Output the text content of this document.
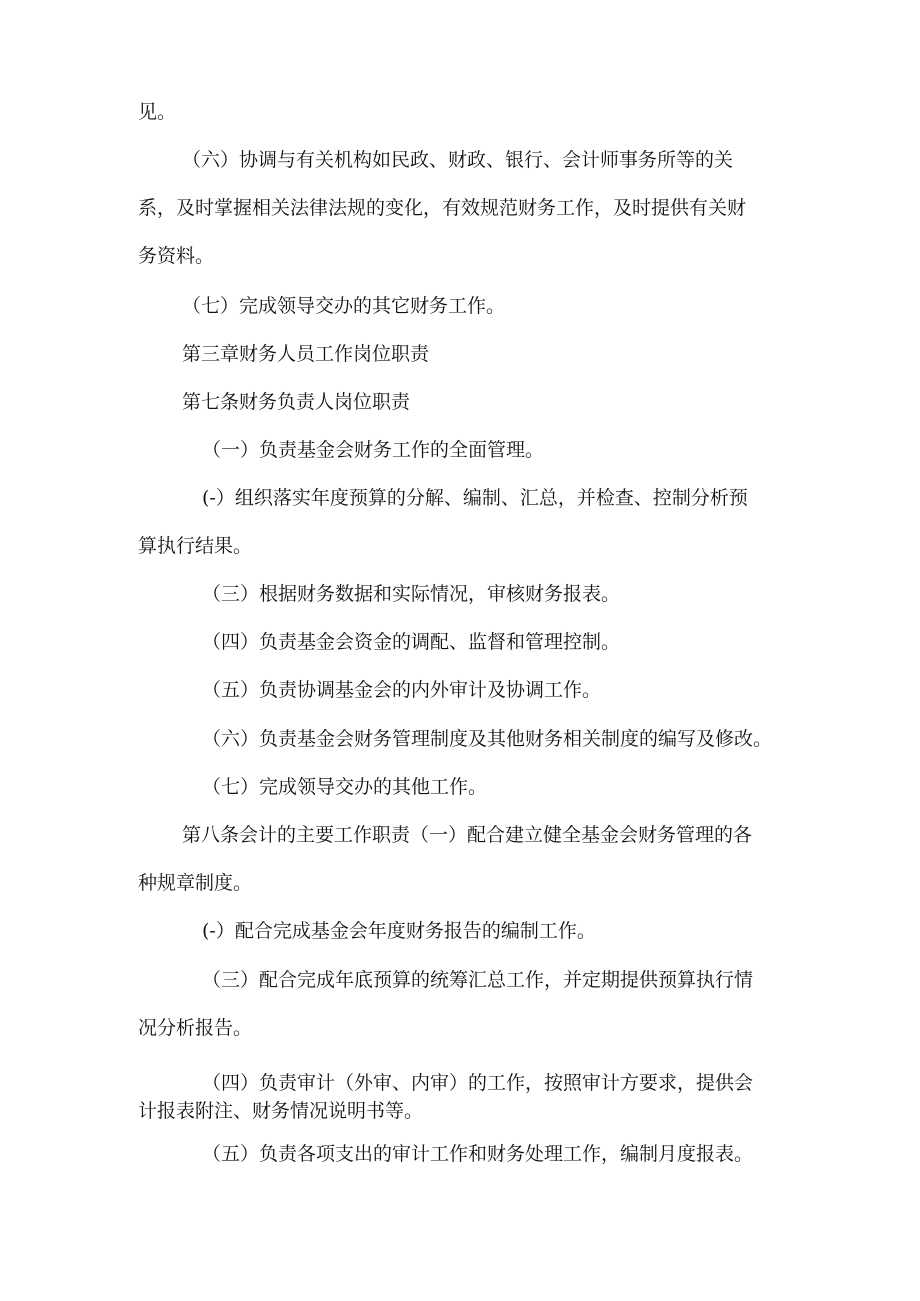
见。
（六）协调与有关机构如民政、财政、银行、会计师事务所等的关
系，及时掌握相关法律法规的变化，有效规范财务工作，及时提供有关财
务资料。
（七）完成领导交办的其它财务工作。
第三章财务人员工作岗位职责
第七条财务负责人岗位职责
（一）负责基金会财务工作的全面管理。
(-）组织落实年度预算的分解、编制、汇总，并检查、控制分析预
算执行结果。
（三）根据财务数据和实际情况，审核财务报表。
（四）负责基金会资金的调配、监督和管理控制。
（五）负责协调基金会的内外审计及协调工作。
（六）负责基金会财务管理制度及其他财务相关制度的编写及修改。
（七）完成领导交办的其他工作。
第八条会计的主要工作职责（一）配合建立健全基金会财务管理的各
种规章制度。
(-）配合完成基金会年度财务报告的编制工作。
（三）配合完成年底预算的统筹汇总工作，并定期提供预算执行情
况分析报告。
（四）负责审计（外审、内审）的工作，按照审计方要求，提供会
计报表附注、财务情况说明书等。
（五）负责各项支出的审计工作和财务处理工作，编制月度报表。
